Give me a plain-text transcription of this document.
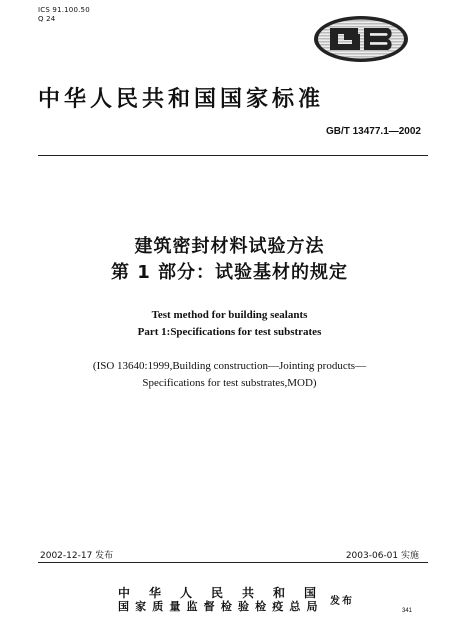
ICS 91.100.50
Q 24
中华人民共和国国家标准
GB/T 13477.1—2002
建筑密封材料试验方法
第 1 部分：试验基材的规定
Test method for building sealants
Part 1:Specifications for test substrates
(ISO 13640:1999,Building construction—Jointing products—
Specifications for test substrates,MOD)
2002-12-17 发布	2003-06-01 实施
中 华 人 民 共 和 国
国家质量监督检验检疫总局 发布
341
